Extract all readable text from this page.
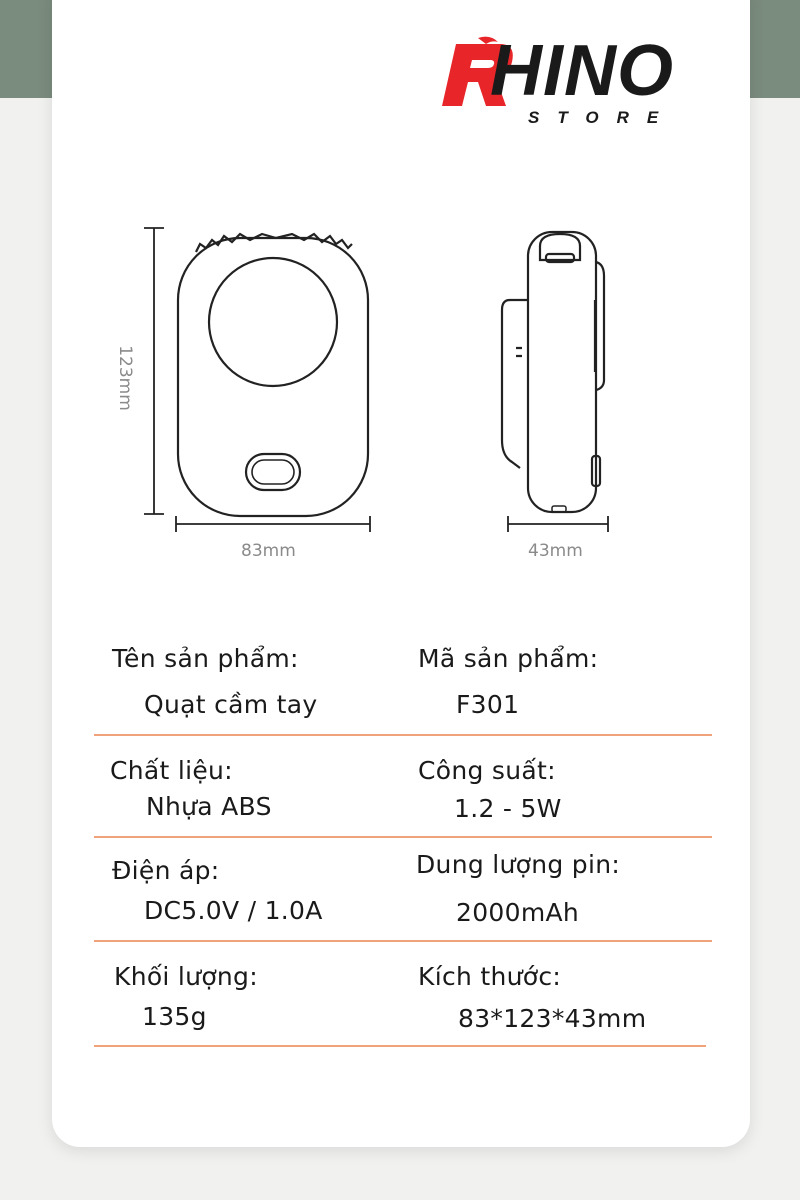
HINO
STORE
83mm
123mm
43mm
Tên sản phẩm:
Quạt cầm tay
Mã sản phẩm:
F301
Chất liệu:
Nhựa ABS
Công suất:
1.2 - 5W
Điện áp:
DC5.0V / 1.0A
Dung lượng pin:
2000mAh
Khối lượng:
135g
Kích thước:
83*123*43mm
